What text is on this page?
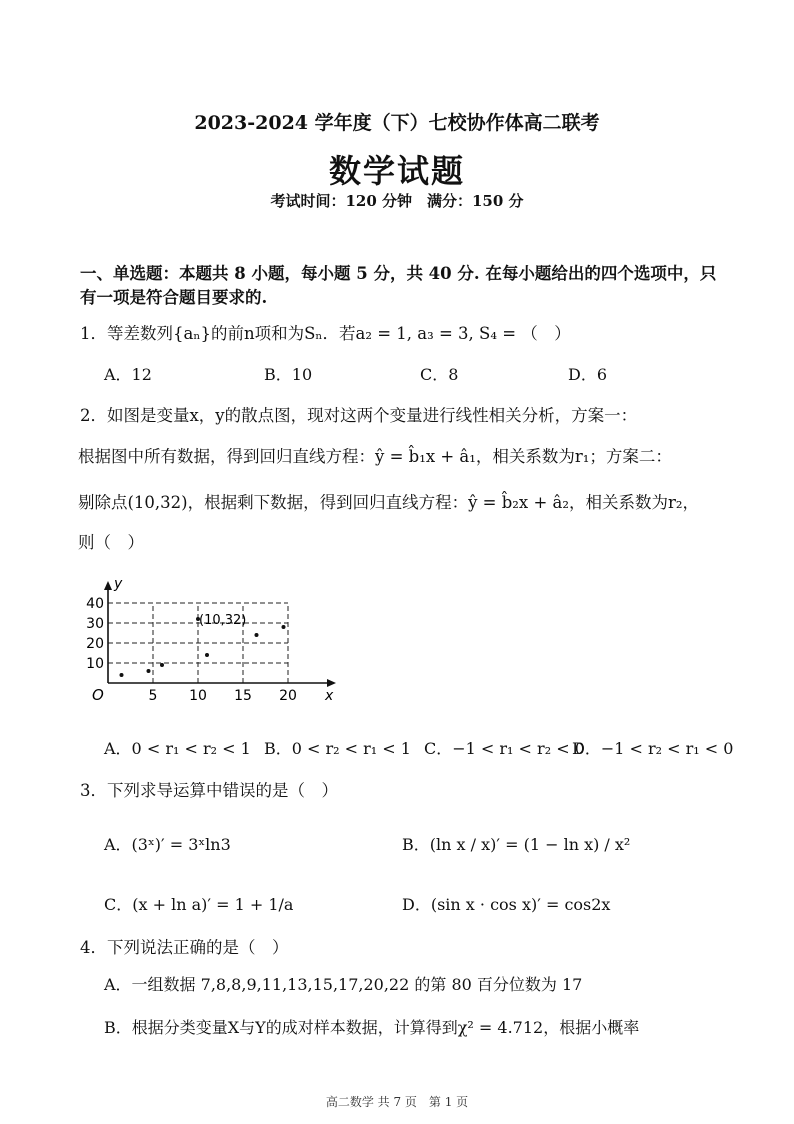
2023-2024 学年度（下）七校协作体高二联考
数学试题
考试时间：120 分钟　满分：150 分
一、单选题：本题共 8 小题，每小题 5 分，共 40 分. 在每小题给出的四个选项中，只有一项是符合题目要求的.
1．等差数列{aₙ}的前n项和为Sₙ．若a₂ = 1, a₃ = 3, S₄ = （　）
A．12	B．10	C．8	D．6
2．如图是变量x，y的散点图，现对这两个变量进行线性相关分析，方案一：
根据图中所有数据，得到回归直线方程：ŷ = b̂₁x + â₁，相关系数为r₁；方案二：
剔除点(10,32)，根据剩下数据，得到回归直线方程：ŷ = b̂₂x + â₂，相关系数为r₂，
则（　）
x
y
O	5 10 15 20
10
20
30
40
(10,32)
A．0 < r₁ < r₂ < 1 B．0 < r₂ < r₁ < 1 C．−1 < r₁ < r₂ < 0
D．−1 < r₂ < r₁ < 0
3．下列求导运算中错误的是（　）
A．(3ˣ)′ = 3ˣln3	B．(ln x / x)′ = (1 − ln x) / x²
C．(x + ln a)′ = 1 + 1/a	D．(sin x · cos x)′ = cos2x
4．下列说法正确的是（　）
A．一组数据 7,8,8,9,11,13,15,17,20,22 的第 80 百分位数为 17
B．根据分类变量X与Y的成对样本数据，计算得到χ² = 4.712，根据小概率
高二数学 共 7 页　第 1 页
